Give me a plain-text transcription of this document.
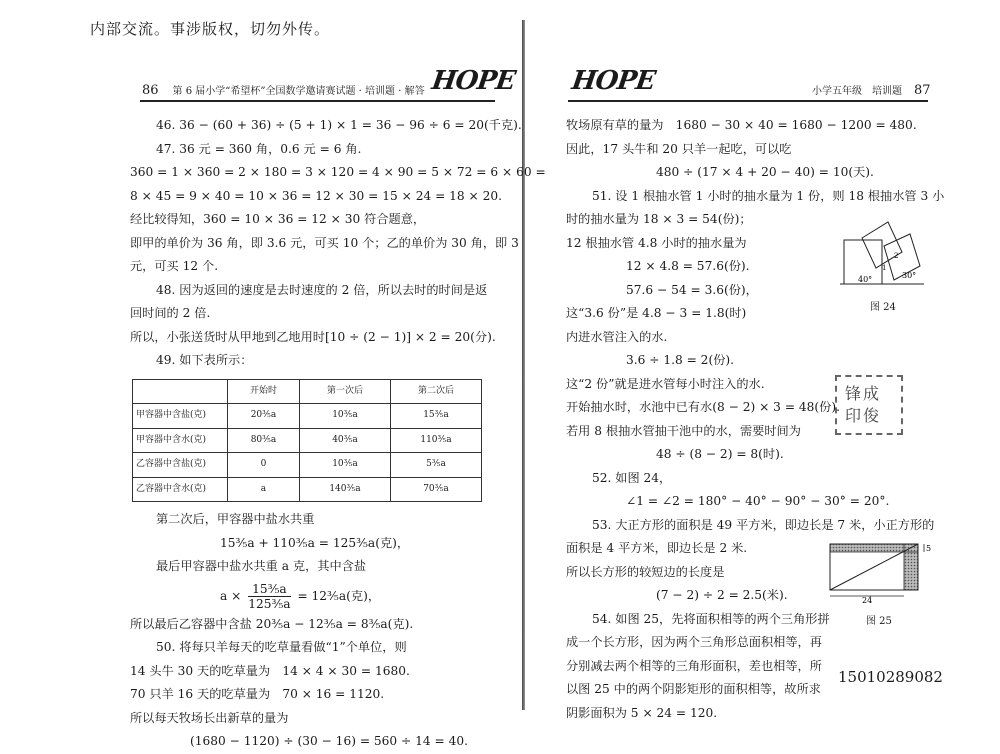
内部交流。事涉版权，切勿外传。
86 第 6 届小学“希望杯”全国数学邀请赛试题 · 培训题 · 解答 HOPE

46. 36 − (60 + 36) ÷ (5 + 1) × 1 = 36 − 96 ÷ 6 = 20(千克).

47. 36 元 = 360 角，0.6 元 = 6 角.

360 = 1 × 360 = 2 × 180 = 3 × 120 = 4 × 90 = 5 × 72 = 6 × 60 =

8 × 45 = 9 × 40 = 10 × 36 = 12 × 30 = 15 × 24 = 18 × 20.

经比较得知，360 = 10 × 36 = 12 × 30 符合题意，

即甲的单价为 36 角，即 3.6 元，可买 10 个；乙的单价为 30 角，即 3

元，可买 12 个.

48. 因为返回的速度是去时速度的 2 倍，所以去时的时间是返

回时间的 2 倍.

所以，小张送货时从甲地到乙地用时[10 ÷ (2 − 1)] × 2 = 20(分).

49. 如下表所示：

	开始时	第一次后	第二次后
甲容器中含盐(克)	20⅗a	10⅗a	15⅗a
甲容器中含水(克)	80⅗a	40⅗a	110⅗a
乙容器中含盐(克)	0	10⅗a	5⅗a
乙容器中含水(克)	a	140⅗a	70⅗a

第二次后，甲容器中盐水共重

15⅗a + 110⅗a = 125⅗a(克)，

最后甲容器中盐水共重 a 克，其中含盐

$a \times \frac{\text{15⅗a}}{\text{125⅗a}}$ = 12⅗a(克)，

所以最后乙容器中含盐 20⅗a − 12⅗a = 8⅗a(克).

50. 将每只羊每天的吃草量看做“1”个单位，则

14 头牛 30 天的吃草量为　14 × 4 × 30 = 1680.

70 只羊 16 天的吃草量为　70 × 16 = 1120.

所以每天牧场长出新草的量为

(1680 − 1120) ÷ (30 − 16) = 560 ÷ 14 = 40.

HOPE	小学五年级　培训题 87

牧场原有草的量为　1680 − 30 × 40 = 1680 − 1200 = 480.

因此，17 头牛和 20 只羊一起吃，可以吃

480 ÷ (17 × 4 + 20 − 40) = 10(天).

51. 设 1 根抽水管 1 小时的抽水量为 1 份，则 18 根抽水管 3 小

时的抽水量为 18 × 3 = 54(份)；

12 根抽水管 4.8 小时的抽水量为

12 × 4.8 = 57.6(份).

57.6 − 54 = 3.6(份)，

这“3.6 份”是 4.8 − 3 = 1.8(时)

内进水管注入的水.

3.6 ÷ 1.8 = 2(份).

这“2 份”就是进水管每小时注入的水.

开始抽水时，水池中已有水(8 − 2) × 3 = 48(份).

若用 8 根抽水管抽干池中的水，需要时间为

48 ÷ (8 − 2) = 8(时).

52. 如图 24，

∠1 = ∠2 = 180° − 40° − 90° − 30° = 20°.

53. 大正方形的面积是 49 平方米，即边长是 7 米，小正方形的

面积是 4 平方米，即边长是 2 米.

所以长方形的较短边的长度是

(7 − 2) ÷ 2 = 2.5(米).

54. 如图 25，先将面积相等的两个三角形拼

成一个长方形，因为两个三角形总面积相等，再

分别减去两个相等的三角形面积，差也相等，所

以图 25 中的两个阴影矩形的面积相等，故所求

阴影面积为 5 × 24 = 120.

40°	30°
1
2
图 24
锋成
印俊
24
5
图 25
15010289082
